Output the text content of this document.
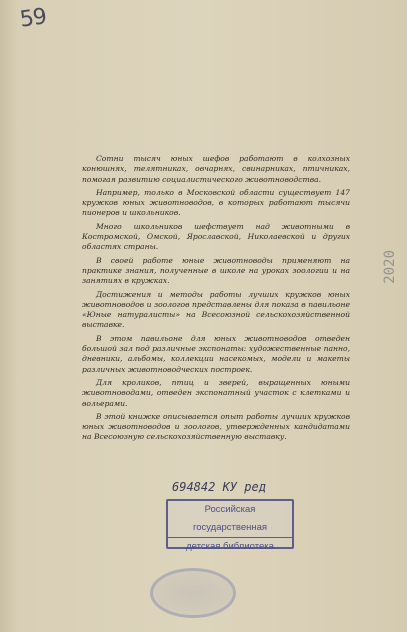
59
2020

Сотни тысяч юных шефов работают в колхозных конюшнях, телятниках, овчарнях, свинарниках, птичниках, помогая развитию социалистического животноводства.

Например, только в Московской области существует 147 кружков юных животноводов, в которых работают тысячи пионеров и школьников.

Много школьников шефствует над животными в Костромской, Омской, Ярославской, Николаевской и других областях страны.

В своей работе юные животноводы применяют на практике знания, полученные в школе на уроках зоологии и на занятиях в кружках.

Достижения и методы работы лучших кружков юных животноводов и зоологов представлены для показа в павильоне «Юные натуралисты» на Всесоюзной сельскохозяйственной выставке.

В этом павильоне для юных животноводов отведен большой зал под различные экспонаты: художественные панно, дневники, альбомы, коллекции насекомых, модели и макеты различных животноводческих построек.

Для кроликов, птиц и зверей, выращенных юными животноводами, отведен экспонатный участок с клетками и вольерами.

В этой книжке описывается опыт работы лучших кружков юных животноводов и зоологов, утвержденных кандидатами на Всесоюзную сельскохозяйственную выставку.

694842 КУ ред
Российская государственная
детская библиотека
